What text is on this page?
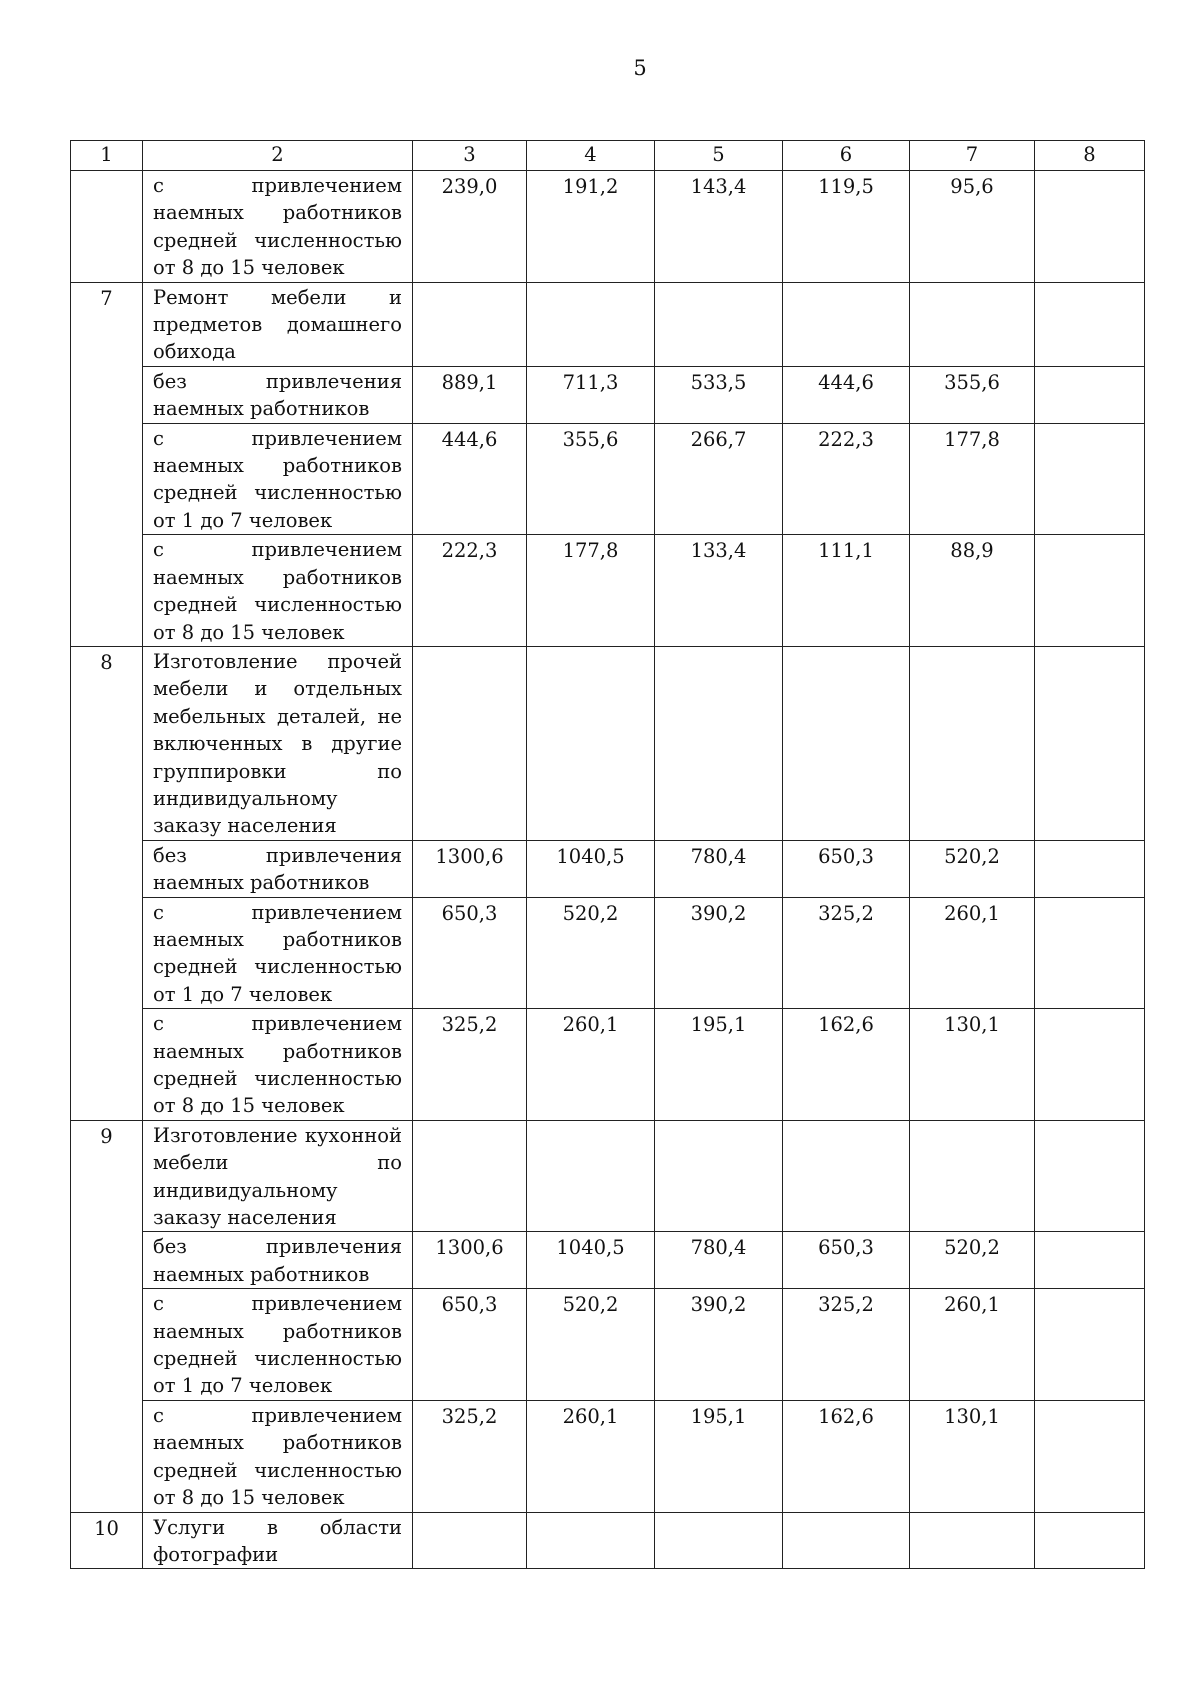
5
1	2	3	4	5	6	7	8
	с привлечением наемных работников средней численностью от 8 до 15 человек	239,0	191,2	143,4	119,5	95,6	
7	Ремонт мебели и предметов домашнего обихода						
	без привлечения наемных работников	889,1	711,3	533,5	444,6	355,6	
	с привлечением наемных работников средней численностью от 1 до 7 человек	444,6	355,6	266,7	222,3	177,8	
	с привлечением наемных работников средней численностью от 8 до 15 человек	222,3	177,8	133,4	111,1	88,9	
8	Изготовление прочей мебели и отдельных мебельных деталей, не включенных в другие группировки по индивидуальному заказу населения						
	без привлечения наемных работников	1300,6	1040,5	780,4	650,3	520,2	
	с привлечением наемных работников средней численностью от 1 до 7 человек	650,3	520,2	390,2	325,2	260,1	
	с привлечением наемных работников средней численностью от 8 до 15 человек	325,2	260,1	195,1	162,6	130,1	
9	Изготовление кухонной мебели по индивидуальному заказу населения						
	без привлечения наемных работников	1300,6	1040,5	780,4	650,3	520,2	
	с привлечением наемных работников средней численностью от 1 до 7 человек	650,3	520,2	390,2	325,2	260,1	
	с привлечением наемных работников средней численностью от 8 до 15 человек	325,2	260,1	195,1	162,6	130,1	
10	Услуги в области фотографии						
